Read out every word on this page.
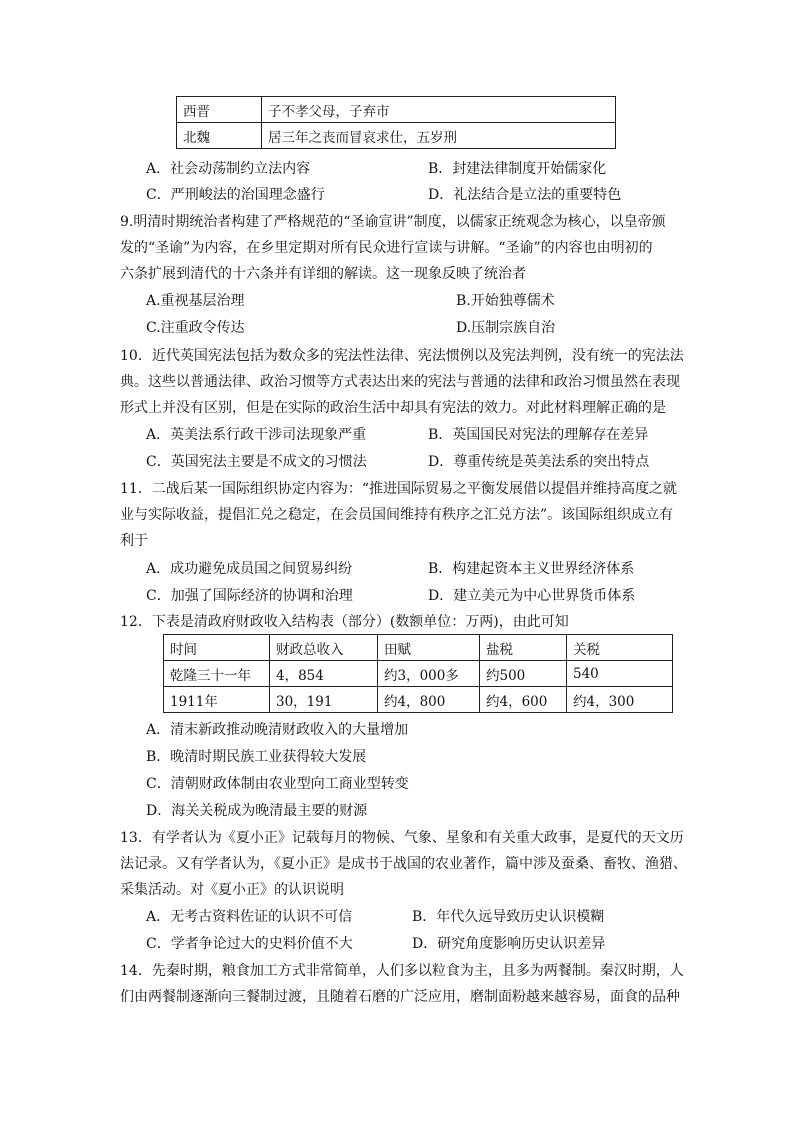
西晋	子不孝父母，子弃市
北魏	居三年之丧而冒哀求仕，五岁刑
A．社会动荡制约立法内容	B．封建法律制度开始儒家化
C．严刑峻法的治国理念盛行	D．礼法结合是立法的重要特色
9.明清时期统治者构建了严格规范的“圣谕宣讲”制度，以儒家正统观念为核心，以皇帝颁
发的“圣谕”为内容，在乡里定期对所有民众进行宣读与讲解。“圣谕”的内容也由明初的
六条扩展到清代的十六条并有详细的解读。这一现象反映了统治者
A.重视基层治理	B.开始独尊儒术
C.注重政令传达	D.压制宗族自治
10．近代英国宪法包括为数众多的宪法性法律、宪法惯例以及宪法判例，没有统一的宪法法
典。这些以普通法律、政治习惯等方式表达出来的宪法与普通的法律和政治习惯虽然在表现
形式上并没有区别，但是在实际的政治生活中却具有宪法的效力。对此材料理解正确的是
A．英美法系行政干涉司法现象严重	B．英国国民对宪法的理解存在差异
C．英国宪法主要是不成文的习惯法	D．尊重传统是英美法系的突出特点
11．二战后某一国际组织协定内容为：“推进国际贸易之平衡发展借以提倡并维持高度之就
业与实际收益，提倡汇兑之稳定，在会员国间维持有秩序之汇兑方法”。该国际组织成立有
利于
A．成功避免成员国之间贸易纠纷	B．构建起资本主义世界经济体系
C．加强了国际经济的协调和治理	D．建立美元为中心世界货币体系
12．下表是清政府财政收入结构表（部分）(数额单位：万两)，由此可知
时间	财政总收入	田赋	盐税	关税
乾隆三十一年	4，854	约3，000多	约500	540
1911年	30，191	约4，800	约4，600	约4，300
A．清末新政推动晚清财政收入的大量增加
B．晚清时期民族工业获得较大发展
C．清朝财政体制由农业型向工商业型转变
D．海关关税成为晚清最主要的财源
13．有学者认为《夏小正》记载每月的物候、气象、星象和有关重大政事，是夏代的天文历
法记录。又有学者认为，《夏小正》是成书于战国的农业著作，篇中涉及蚕桑、畜牧、渔猎、
采集活动。对《夏小正》的认识说明
A．无考古资料佐证的认识不可信	B．年代久远导致历史认识模糊
C．学者争论过大的史料价值不大	D．研究角度影响历史认识差异
14．先秦时期，粮食加工方式非常简单，人们多以粒食为主，且多为两餐制。秦汉时期，人
们由两餐制逐渐向三餐制过渡，且随着石磨的广泛应用，磨制面粉越来越容易，面食的品种
